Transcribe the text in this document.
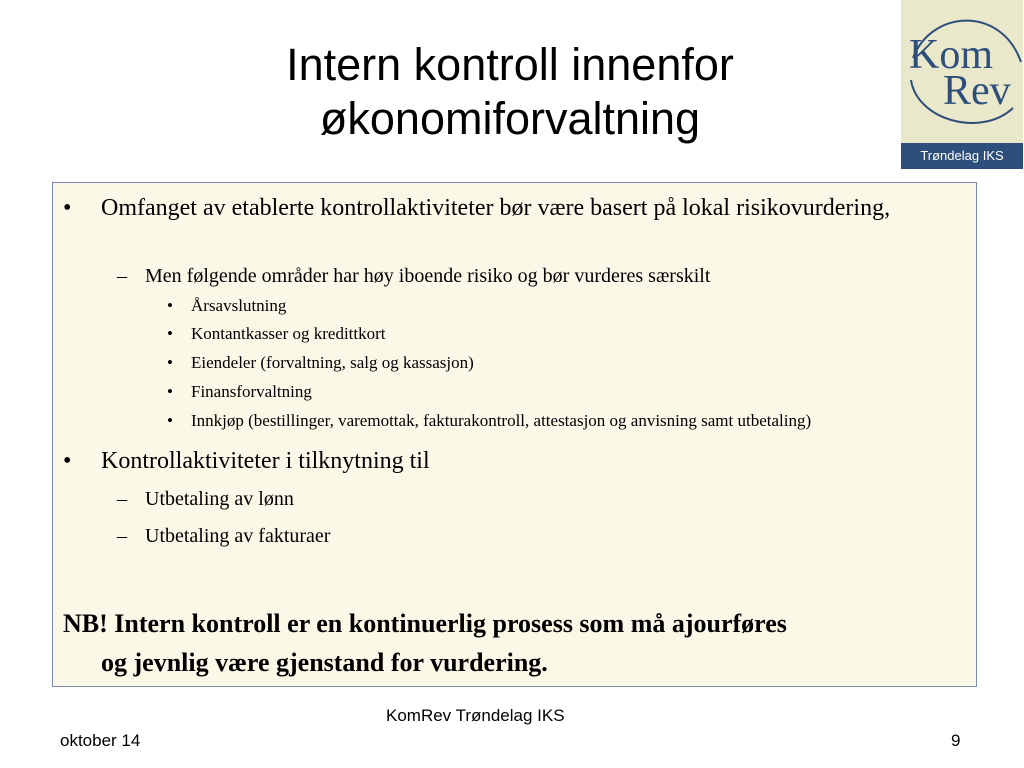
Intern kontroll innenfor
økonomiforvaltning
Kom
Rev
Trøndelag IKS
• Omfanget av etablerte kontrollaktiviteter bør være basert på lokal risikovurdering,
– Men følgende områder har høy iboende risiko og bør vurderes særskilt
• Årsavslutning
• Kontantkasser og kredittkort
• Eiendeler (forvaltning, salg og kassasjon)
• Finansforvaltning
• Innkjøp (bestillinger, varemottak, fakturakontroll, attestasjon og anvisning samt utbetaling)
• Kontrollaktiviteter i tilknytning til
– Utbetaling av lønn
– Utbetaling av fakturaer
NB! Intern kontroll er en kontinuerlig prosess som må ajourføres
og jevnlig være gjenstand for vurdering.
KomRev Trøndelag IKS
oktober 14	9
